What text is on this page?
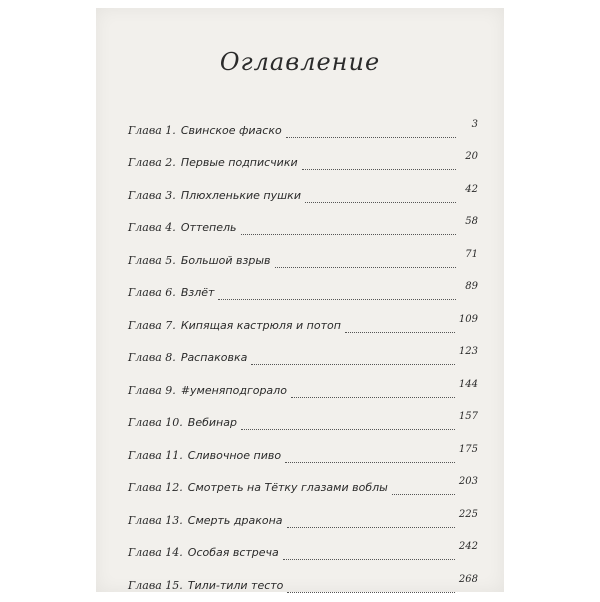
Оглавление
Глава 1. Свинское фиаско	3
Глава 2. Первые подписчики	20
Глава 3. Плюхленькие пушки	42
Глава 4. Оттепель	58
Глава 5. Большой взрыв	71
Глава 6. Взлёт	89
Глава 7. Кипящая кастрюля и потоп	109
Глава 8. Распаковка	123
Глава 9. #уменяподгорало	144
Глава 10. Вебинар	157
Глава 11. Сливочное пиво	175
Глава 12. Смотреть на Тётку глазами воблы	203
Глава 13. Смерть дракона	225
Глава 14. Особая встреча	242
Глава 15. Тили-тили тесто	268
